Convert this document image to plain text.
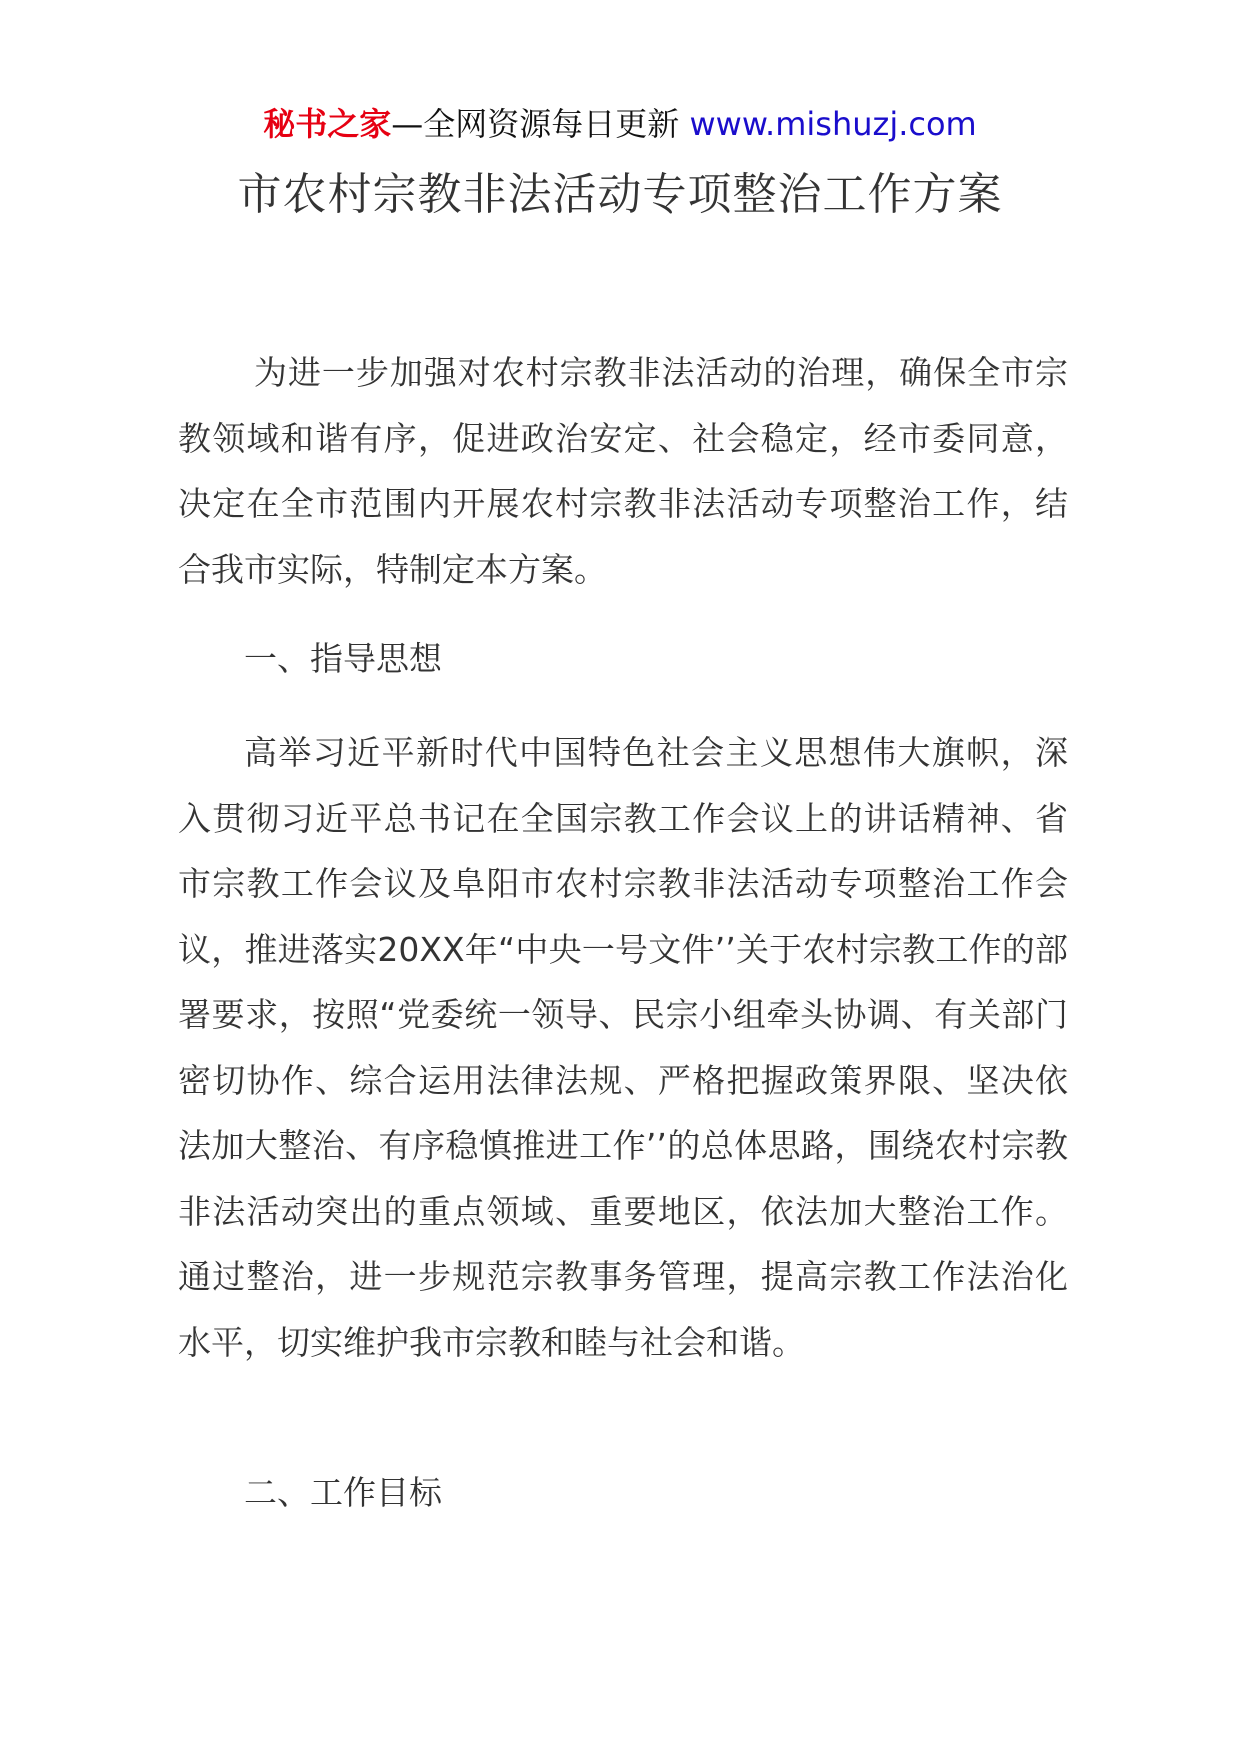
秘书之家—全网资源每日更新 www.mishuzj.com
市农村宗教非法活动专项整治工作方案

为进一步加强对农村宗教非法活动的治理，确保全市宗教领域和谐有序，促进政治安定、社会稳定，经市委同意，决定在全市范围内开展农村宗教非法活动专项整治工作，结合我市实际，特制定本方案。

一、指导思想

高举习近平新时代中国特色社会主义思想伟大旗帜，深入贯彻习近平总书记在全国宗教工作会议上的讲话精神、省市宗教工作会议及阜阳市农村宗教非法活动专项整治工作会议，推进落实20XX年“中央一号文件’’关于农村宗教工作的部署要求，按照“党委统一领导、民宗小组牵头协调、有关部门密切协作、综合运用法律法规、严格把握政策界限、坚决依法加大整治、有序稳慎推进工作’’的总体思路，围绕农村宗教非法活动突出的重点领域、重要地区，依法加大整治工作。通过整治，进一步规范宗教事务管理，提高宗教工作法治化水平，切实维护我市宗教和睦与社会和谐。

二、工作目标
